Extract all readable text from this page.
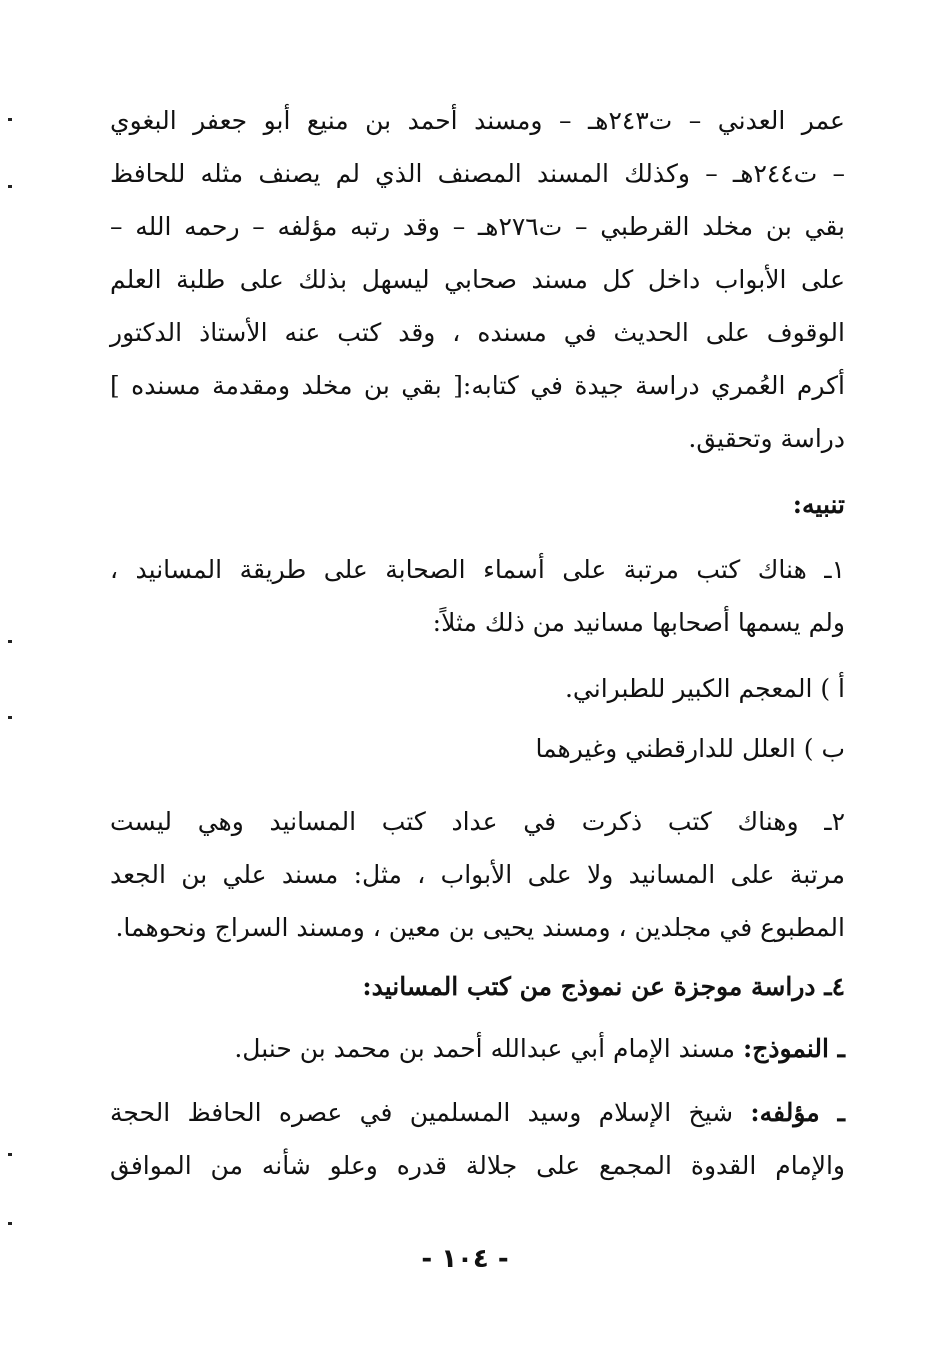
عمر العدني – ت٢٤٣هـ – ومسند أحمد بن منيع أبو جعفر البغوي
– ت٢٤٤هـ – وكذلك المسند المصنف الذي لم يصنف مثله للحافظ
بقي بن مخلد القرطبي – ت٢٧٦هـ – وقد رتبه مؤلفه – رحمه الله –
على الأبواب داخل كل مسند صحابي ليسهل بذلك على طلبة العلم
الوقوف على الحديث في مسنده ، وقد كتب عنه الأستاذ الدكتور
أكرم العُمري دراسة جيدة في كتابه:[ بقي بن مخلد ومقدمة مسنده ]
دراسة وتحقيق.
تنبيه:
١ـ هناك كتب مرتبة على أسماء الصحابة على طريقة المسانيد ،
ولم يسمها أصحابها مسانيد من ذلك مثلاً:
أ ) المعجم الكبير للطبراني.
ب ) العلل للدارقطني وغيرهما
٢ـ وهناك كتب ذكرت في عداد كتب المسانيد وهي ليست
مرتبة على المسانيد ولا على الأبواب ، مثل: مسند علي بن الجعد
المطبوع في مجلدين ، ومسند يحيى بن معين ، ومسند السراج ونحوهما.
٤ـ دراسة موجزة عن نموذج من كتب المسانيد:
ـ النموذج: مسند الإمام أبي عبدالله أحمد بن محمد بن حنبل.
ـ مؤلفه: شيخ الإسلام وسيد المسلمين في عصره الحافظ الحجة
والإمام القدوة المجمع على جلالة قدره وعلو شأنه من الموافق
- ١٠٤ -
